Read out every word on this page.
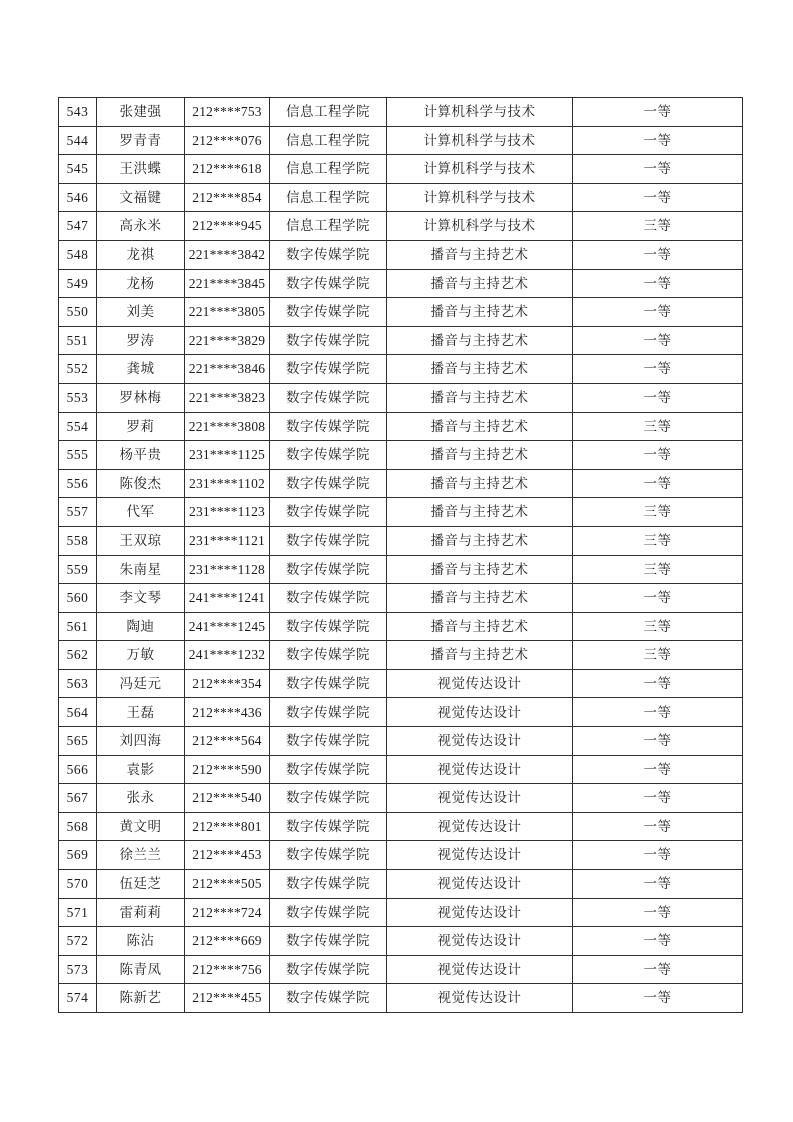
543	张建强	212****753	信息工程学院	计算机科学与技术	一等
544	罗青青	212****076	信息工程学院	计算机科学与技术	一等
545	王洪蝶	212****618	信息工程学院	计算机科学与技术	一等
546	文福键	212****854	信息工程学院	计算机科学与技术	一等
547	高永米	212****945	信息工程学院	计算机科学与技术	三等
548	龙祺	221****3842	数字传媒学院	播音与主持艺术	一等
549	龙杨	221****3845	数字传媒学院	播音与主持艺术	一等
550	刘美	221****3805	数字传媒学院	播音与主持艺术	一等
551	罗涛	221****3829	数字传媒学院	播音与主持艺术	一等
552	龚城	221****3846	数字传媒学院	播音与主持艺术	一等
553	罗林梅	221****3823	数字传媒学院	播音与主持艺术	一等
554	罗莉	221****3808	数字传媒学院	播音与主持艺术	三等
555	杨平贵	231****1125	数字传媒学院	播音与主持艺术	一等
556	陈俊杰	231****1102	数字传媒学院	播音与主持艺术	一等
557	代军	231****1123	数字传媒学院	播音与主持艺术	三等
558	王双琼	231****1121	数字传媒学院	播音与主持艺术	三等
559	朱南星	231****1128	数字传媒学院	播音与主持艺术	三等
560	李文琴	241****1241	数字传媒学院	播音与主持艺术	一等
561	陶迪	241****1245	数字传媒学院	播音与主持艺术	三等
562	万敏	241****1232	数字传媒学院	播音与主持艺术	三等
563	冯廷元	212****354	数字传媒学院	视觉传达设计	一等
564	王磊	212****436	数字传媒学院	视觉传达设计	一等
565	刘四海	212****564	数字传媒学院	视觉传达设计	一等
566	袁影	212****590	数字传媒学院	视觉传达设计	一等
567	张永	212****540	数字传媒学院	视觉传达设计	一等
568	黄文明	212****801	数字传媒学院	视觉传达设计	一等
569	徐兰兰	212****453	数字传媒学院	视觉传达设计	一等
570	伍廷芝	212****505	数字传媒学院	视觉传达设计	一等
571	雷莉莉	212****724	数字传媒学院	视觉传达设计	一等
572	陈沾	212****669	数字传媒学院	视觉传达设计	一等
573	陈青凤	212****756	数字传媒学院	视觉传达设计	一等
574	陈新艺	212****455	数字传媒学院	视觉传达设计	一等
